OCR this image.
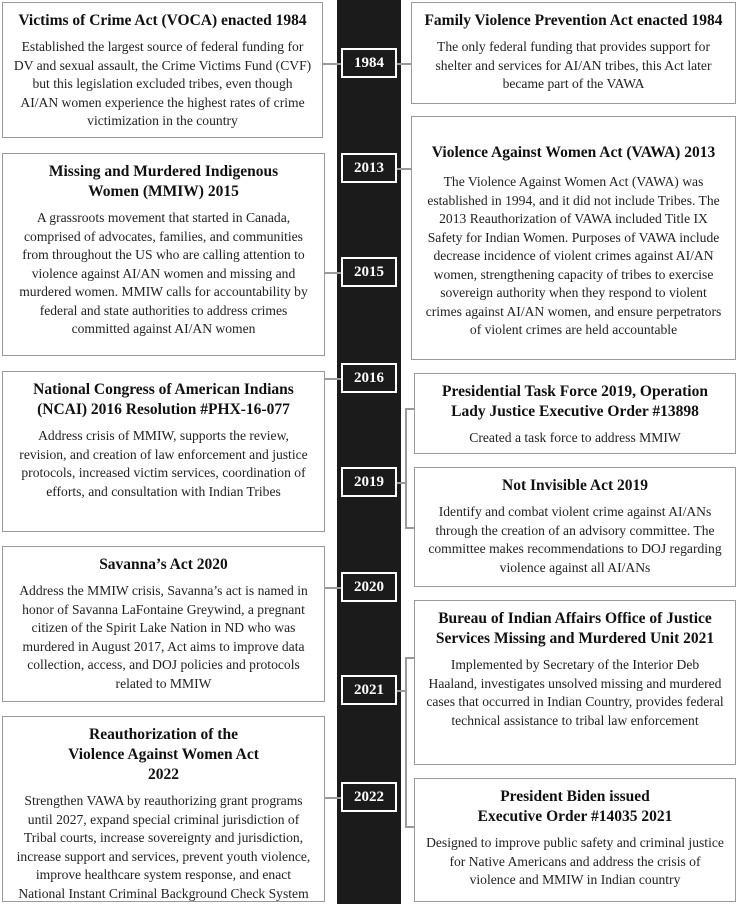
1984
2013
2015
2016
2019
2020
2021
2022
Victims of Crime Act (VOCA) enacted 1984

Established the largest source of federal funding for DV and sexual assault, the Crime Victims Fund (CVF) but this legislation excluded tribes, even though AI/AN women experience the highest rates of crime victimization in the country

Missing and Murdered Indigenous Women (MMIW) 2015

A grassroots movement that started in Canada, comprised of advocates, families, and communities from throughout the US who are calling attention to violence against AI/AN women and missing and murdered women. MMIW calls for accountability by federal and state authorities to address crimes committed against AI/AN women

National Congress of American Indians (NCAI) 2016 Resolution #PHX-16-077

Address crisis of MMIW, supports the review, revision, and creation of law enforcement and justice protocols, increased victim services, coordination of efforts, and consultation with Indian Tribes

Savanna’s Act 2020

Address the MMIW crisis, Savanna’s act is named in honor of Savanna LaFontaine Greywind, a pregnant citizen of the Spirit Lake Nation in ND who was murdered in August 2017, Act aims to improve data collection, access, and DOJ policies and protocols related to MMIW

Reauthorization of the Violence Against Women Act 2022

Strengthen VAWA by reauthorizing grant programs until 2027, expand special criminal jurisdiction of Tribal courts, increase sovereignty and jurisdiction, increase support and services, prevent youth violence, improve healthcare system response, and enact National Instant Criminal Background Check System

Family Violence Prevention Act enacted 1984

The only federal funding that provides support for shelter and services for AI/AN tribes, this Act later became part of the VAWA

Violence Against Women Act (VAWA) 2013

The Violence Against Women Act (VAWA) was established in 1994, and it did not include Tribes. The 2013 Reauthorization of VAWA included Title IX Safety for Indian Women. Purposes of VAWA include decrease incidence of violent crimes against AI/AN women, strengthening capacity of tribes to exercise sovereign authority when they respond to violent crimes against AI/AN women, and ensure perpetrators of violent crimes are held accountable

Presidential Task Force 2019, Operation Lady Justice Executive Order #13898

Created a task force to address MMIW

Not Invisible Act 2019

Identify and combat violent crime against AI/ANs through the creation of an advisory committee. The committee makes recommendations to DOJ regarding violence against all AI/ANs

Bureau of Indian Affairs Office of Justice Services Missing and Murdered Unit 2021

Implemented by Secretary of the Interior Deb Haaland, investigates unsolved missing and murdered cases that occurred in Indian Country, provides federal technical assistance to tribal law enforcement

President Biden issued Executive Order #14035 2021

Designed to improve public safety and criminal justice for Native Americans and address the crisis of violence and MMIW in Indian country
